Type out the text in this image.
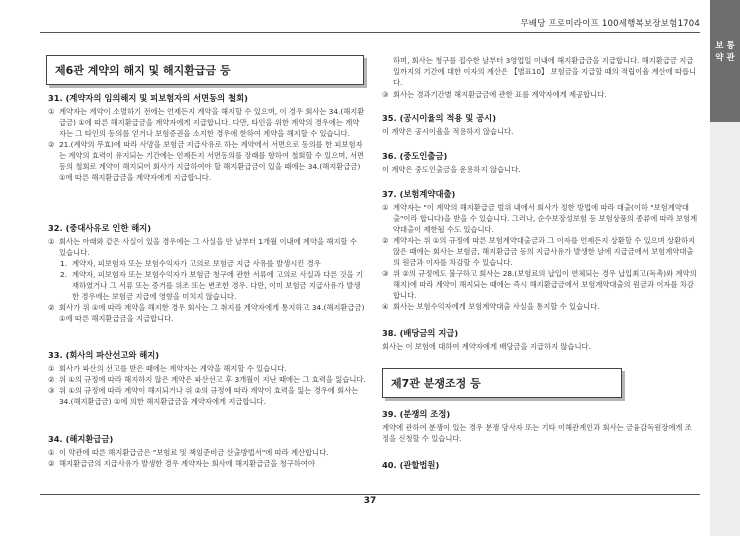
무배당 프로미라이프 100세행복보장보험1704
보 통 약 관
제6관 계약의 해지 및 해지환급금 등
31. (계약자의 임의해지 및 피보험자의 서면동의 철회)
① 계약자는 계약이 소멸하기 전에는 언제든지 계약을 해지할 수 있으며, 이 경우 회사는 34.(해지환급금) ①에 따른 해지환급금을 계약자에게 지급합니다. 다만, 타인을 위한 계약의 경우에는 계약자는 그 타인의 동의를 얻거나 보험증권을 소지한 경우에 한하여 계약을 해지할 수 있습니다.
② 21.(계약의 무효)에 따라 사망을 보험금 지급사유로 하는 계약에서 서면으로 동의를 한 피보험자는 계약의 효력이 유지되는 기간에는 언제든지 서면동의를 장래를 향하여 철회할 수 있으며, 서면동의 철회로 계약이 해지되어 회사가 지급하여야 할 해지환급금이 있을 때에는 34.(해지환급금) ①에 따른 해지환급금을 계약자에게 지급합니다.
32. (중대사유로 인한 해지)
① 회사는 아래와 같은 사실이 있을 경우에는 그 사실을 안 날부터 1개월 이내에 계약을 해지할 수 있습니다.
1. 계약자, 피보험자 또는 보험수익자가 고의로 보험금 지급 사유를 발생시킨 경우
2. 계약자, 피보험자 또는 보험수익자가 보험금 청구에 관한 서류에 고의로 사실과 다른 것을 기재하였거나 그 서류 또는 증거를 위조 또는 변조한 경우. 다만, 이미 보험금 지급사유가 발생한 경우에는 보험금 지급에 영향을 미치지 않습니다.
② 회사가 위 ①에 따라 계약을 해지한 경우 회사는 그 취지를 계약자에게 통지하고 34.(해지환급금) ①에 따른 해지환급금을 지급합니다.
33. (회사의 파산선고와 해지)
① 회사가 파산의 선고를 받은 때에는 계약자는 계약을 해지할 수 있습니다.
② 위 ①의 규정에 따라 해지하지 않은 계약은 파산선고 후 3개월이 지난 때에는 그 효력을 잃습니다.
③ 위 ①의 규정에 따라 계약이 해지되거나 위 ②의 규정에 따라 계약이 효력을 잃는 경우에 회사는 34.(해지환급금) ①에 의한 해지환급금을 계약자에게 지급합니다.
34. (해지환급금)
① 이 약관에 따른 해지환급금은 "보험료 및 책임준비금 산출방법서"에 따라 계산합니다.
② 해지환급금의 지급사유가 발생한 경우 계약자는 회사에 해지환급금을 청구하여야

하며, 회사는 청구를 접수한 날부터 3영업일 이내에 해지환급금을 지급합니다. 해지환급금 지급일까지의 기간에 대한 이자의 계산은 【별표10】 보험금을 지급할 때의 적립이율 계산에 따릅니다.

③ 회사는 경과기간별 해지환급금에 관한 표를 계약자에게 제공합니다.
35. (공시이율의 적용 및 공시)
이 계약은 공시이율을 적용하지 않습니다.
36. (중도인출금)
이 계약은 중도인출금을 운용하지 않습니다.
37. (보험계약대출)
① 계약자는 "이 계약의 해지환급금 범위 내에서 회사가 정한 방법에 따라 대출(이하 "보험계약대출"이라 합니다)을 받을 수 있습니다. 그러나, 순수보장성보험 등 보험상품의 종류에 따라 보험계약대출이 제한될 수도 있습니다.
② 계약자는 위 ①의 규정에 따른 보험계약대출금과 그 이자를 언제든지 상환할 수 있으며 상환하지 않은 때에는 회사는 보험금, 해지환급금 등의 지급사유가 발생한 날에 지급금에서 보험계약대출의 원금과 이자를 차감할 수 있습니다.
③ 위 ②의 규정에도 불구하고 회사는 28.(보험료의 납입이 연체되는 경우 납입최고(독촉)와 계약의 해지)에 따라 계약이 해지되는 때에는 즉시 해지환급금에서 보험계약대출의 원금과 이자를 차감합니다.
④ 회사는 보험수익자에게 보험계약대출 사실을 통지할 수 있습니다.
38. (배당금의 지급)
회사는 이 보험에 대하여 계약자에게 배당금을 지급하지 않습니다.
제7관 분쟁조정 등
39. (분쟁의 조정)
계약에 관하여 분쟁이 있는 경우 분쟁 당사자 또는 기타 이해관계인과 회사는 금융감독원장에게 조정을 신청할 수 있습니다.
40. (관할법원)
37
